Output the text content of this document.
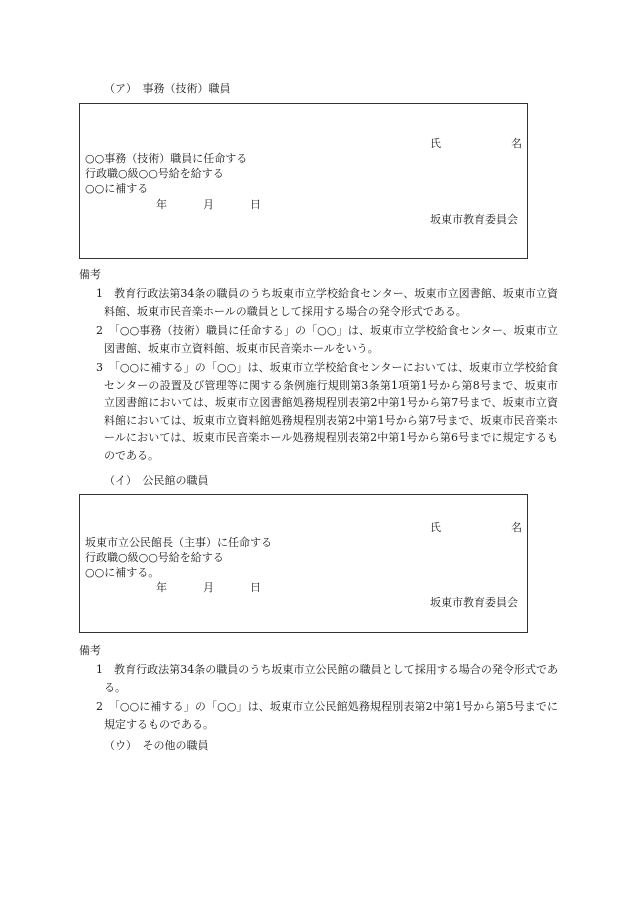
（ア）　事務（技術）職員
氏	名
○○事務（技術）職員に任命する
行政職○級○○号給を給する
○○に補する
年	月	日
坂東市教育委員会
備考
1　教育行政法第34条の職員のうち坂東市立学校給食センター、坂東市立図書館、坂東市立資料館、坂東市民音楽ホールの職員として採用する場合の発令形式である。
2　「○○事務（技術）職員に任命する」の「○○」は、坂東市立学校給食センター、坂東市立図書館、坂東市立資料館、坂東市民音楽ホールをいう。
3　「○○に補する」の「○○」は、坂東市立学校給食センターにおいては、坂東市立学校給食センターの設置及び管理等に関する条例施行規則第3条第1項第1号から第8号まで、坂東市立図書館においては、坂東市立図書館処務規程別表第2中第1号から第7号まで、坂東市立資料館においては、坂東市立資料館処務規程別表第2中第1号から第7号まで、坂東市民音楽ホールにおいては、坂東市民音楽ホール処務規程別表第2中第1号から第6号までに規定するものである。
（イ）　公民館の職員
氏	名
坂東市立公民館長（主事）に任命する
行政職○級○○号給を給する
○○に補する。
年	月	日
坂東市教育委員会
備考
1　教育行政法第34条の職員のうち坂東市立公民館の職員として採用する場合の発令形式である。
2　「○○に補する」の「○○」は、坂東市立公民館処務規程別表第2中第1号から第5号までに規定するものである。
（ウ）　その他の職員
